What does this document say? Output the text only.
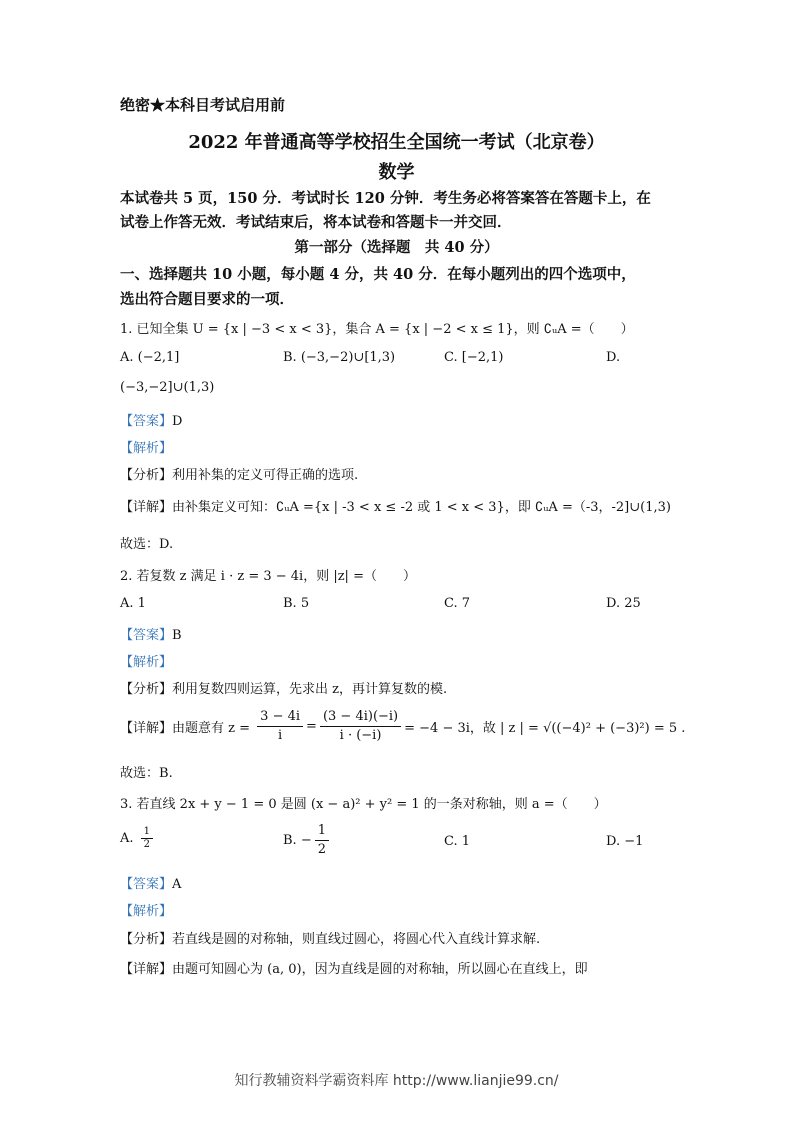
绝密★本科目考试启用前
2022 年普通高等学校招生全国统一考试（北京卷）
数学
本试卷共 5 页，150 分．考试时长 120 分钟．考生务必将答案答在答题卡上，在
试卷上作答无效．考试结束后，将本试卷和答题卡一并交回．
第一部分（选择题　共 40 分）
一、选择题共 10 小题，每小题 4 分，共 40 分．在每小题列出的四个选项中，
选出符合题目要求的一项．
1. 已知全集 U = {x | −3 < x < 3}，集合 A = {x | −2 < x ≤ 1}，则 ∁ᵤA =（　　）
A. (−2,1]	B. (−3,−2)∪[1,3)	C. [−2,1)	D.
(−3,−2]∪(1,3)
【答案】D
【解析】
【分析】利用补集的定义可得正确的选项.
【详解】由补集定义可知：∁ᵤA ={x | -3 < x ≤ -2 或 1 < x < 3}，即 ∁ᵤA =（-3，-2]∪(1,3)
故选：D.
2. 若复数 z 满足 i · z = 3 − 4i，则 |z| =（　　）
A. 1	B. 5	C. 7	D. 25
【答案】B
【解析】
【分析】利用复数四则运算，先求出 z，再计算复数的模.
【详解】由题意有 $z = \frac{3 - 4i}{i} = \frac{(3 - 4i)(-i)}{i \cdot (-i)} = -4 - 3i$，故 | z | = √((−4)² + (−3)²) = 5 .
故选：B.
3. 若直线 2x + y − 1 = 0 是圆 (x − a)² + y² = 1 的一条对称轴，则 a =（　　）
A. $\frac{1}{2}$	B. − $\frac{1}{2}$	C. 1	D. −1
【答案】A
【解析】
【分析】若直线是圆的对称轴，则直线过圆心，将圆心代入直线计算求解.
【详解】由题可知圆心为 (a, 0)，因为直线是圆的对称轴，所以圆心在直线上，即
知行教辅资料学霸资料库 http://www.lianjie99.cn/
